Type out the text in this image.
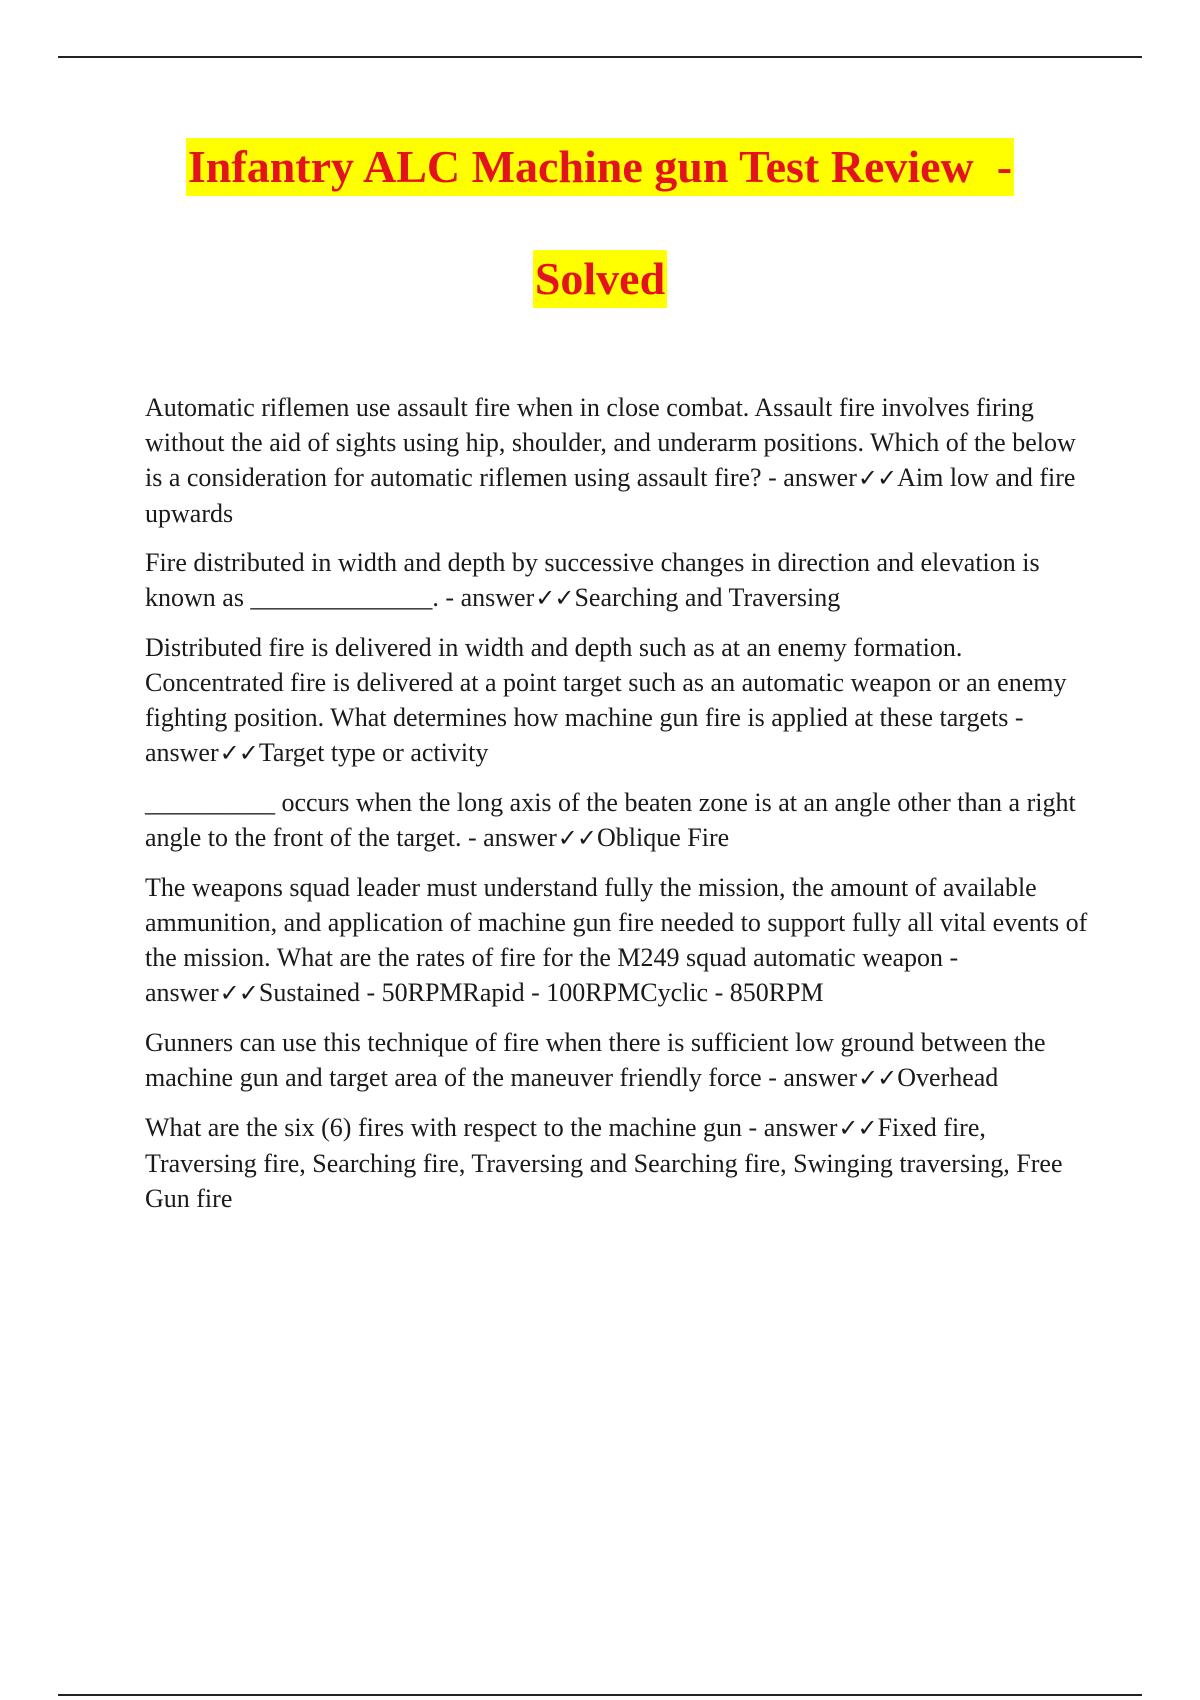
Infantry ALC Machine gun Test Review  -
Solved

Automatic riflemen use assault fire when in close combat. Assault fire involves firing without the aid of sights using hip, shoulder, and underarm positions. Which of the below is a consideration for automatic riflemen using assault fire? - answer✓✓Aim low and fire upwards

Fire distributed in width and depth by successive changes in direction and elevation is known as ______________. - answer✓✓Searching and Traversing

Distributed fire is delivered in width and depth such as at an enemy formation. Concentrated fire is delivered at a point target such as an automatic weapon or an enemy fighting position. What determines how machine gun fire is applied at these targets - answer✓✓Target type or activity

__________ occurs when the long axis of the beaten zone is at an angle other than a right angle to the front of the target. - answer✓✓Oblique Fire

The weapons squad leader must understand fully the mission, the amount of available ammunition, and application of machine gun fire needed to support fully all vital events of the mission. What are the rates of fire for the M249 squad automatic weapon - answer✓✓Sustained - 50RPMRapid - 100RPMCyclic - 850RPM

Gunners can use this technique of fire when there is sufficient low ground between the machine gun and target area of the maneuver friendly force - answer✓✓Overhead

What are the six (6) fires with respect to the machine gun - answer✓✓Fixed fire, Traversing fire, Searching fire, Traversing and Searching fire, Swinging traversing, Free Gun fire
